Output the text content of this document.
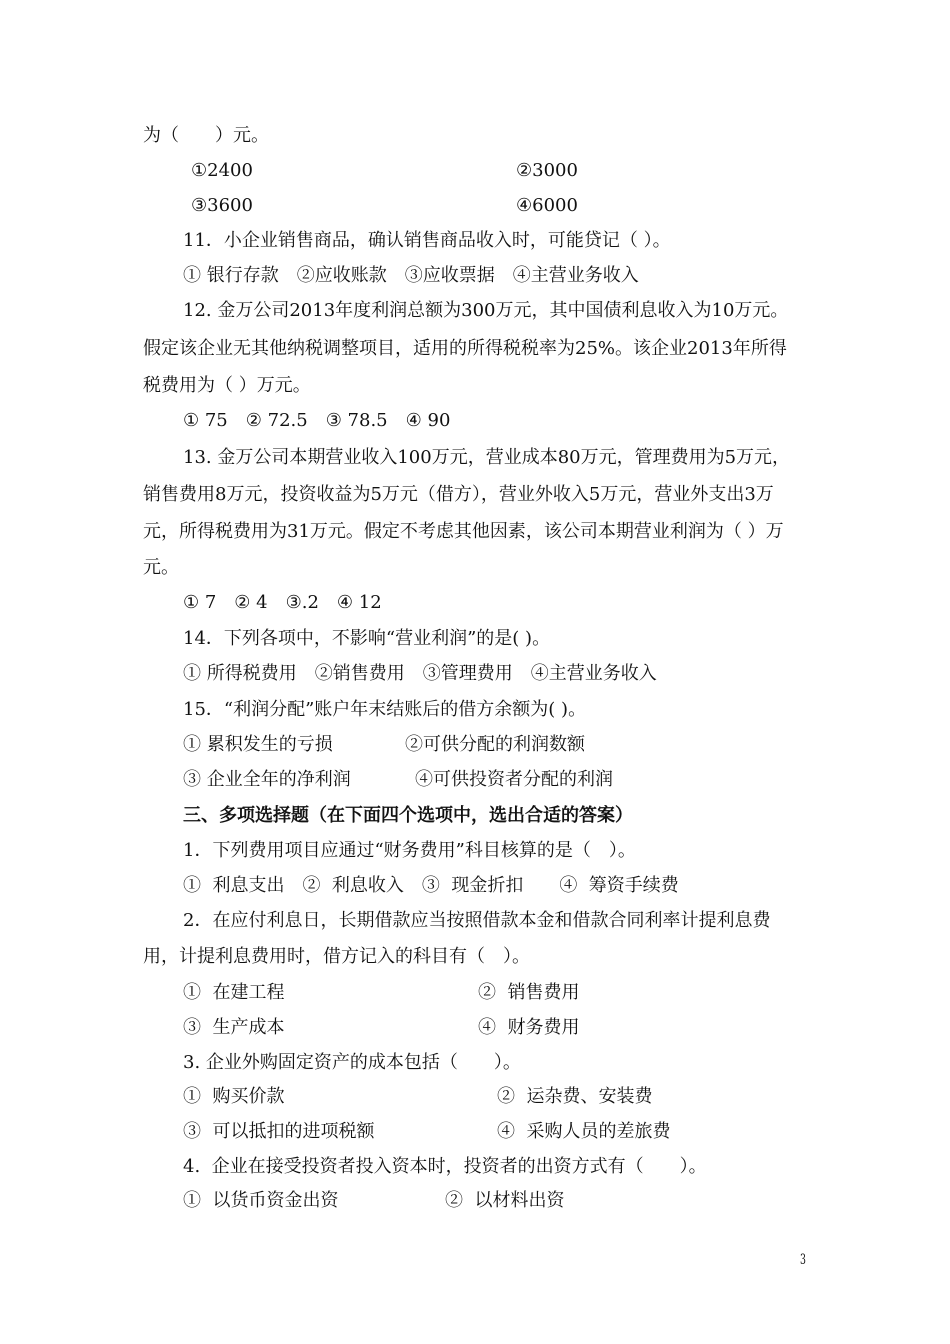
为（　　）元。
①2400	②3000
③3600	④6000
11．小企业销售商品，确认销售商品收入时，可能贷记（ ）。
① 银行存款　②应收账款　③应收票据　④主营业务收入
12. 金万公司2013年度利润总额为300万元，其中国债利息收入为10万元。
假定该企业无其他纳税调整项目，适用的所得税税率为25%。该企业2013年所得
税费用为（ ）万元。
① 75　② 72.5　③ 78.5　④ 90
13. 金万公司本期营业收入100万元，营业成本80万元，管理费用为5万元，
销售费用8万元，投资收益为5万元（借方），营业外收入5万元，营业外支出3万
元，所得税费用为31万元。假定不考虑其他因素，该公司本期营业利润为（ ）万
元。
① 7　② 4　③.2　④ 12
14．下列各项中，不影响“营业利润”的是( )。
① 所得税费用　②销售费用　③管理费用　④主营业务收入
15．“利润分配”账户年末结账后的借方余额为( )。
① 累积发生的亏损	②可供分配的利润数额
③ 企业全年的净利润	④可供投资者分配的利润
三、多项选择题（在下面四个选项中，选出合适的答案）
1．下列费用项目应通过“财务费用”科目核算的是（　）。
①  利息支出　②  利息收入　③  现金折扣　　④  筹资手续费
2．在应付利息日，长期借款应当按照借款本金和借款合同利率计提利息费
用，计提利息费用时，借方记入的科目有（　）。
①  在建工程	②  销售费用
③  生产成本	④  财务费用
3. 企业外购固定资产的成本包括（　　）。
①  购买价款	②  运杂费、安装费
③  可以抵扣的进项税额	④  采购人员的差旅费
4.  企业在接受投资者投入资本时，投资者的出资方式有（　　）。
①  以货币资金出资	②  以材料出资
3
